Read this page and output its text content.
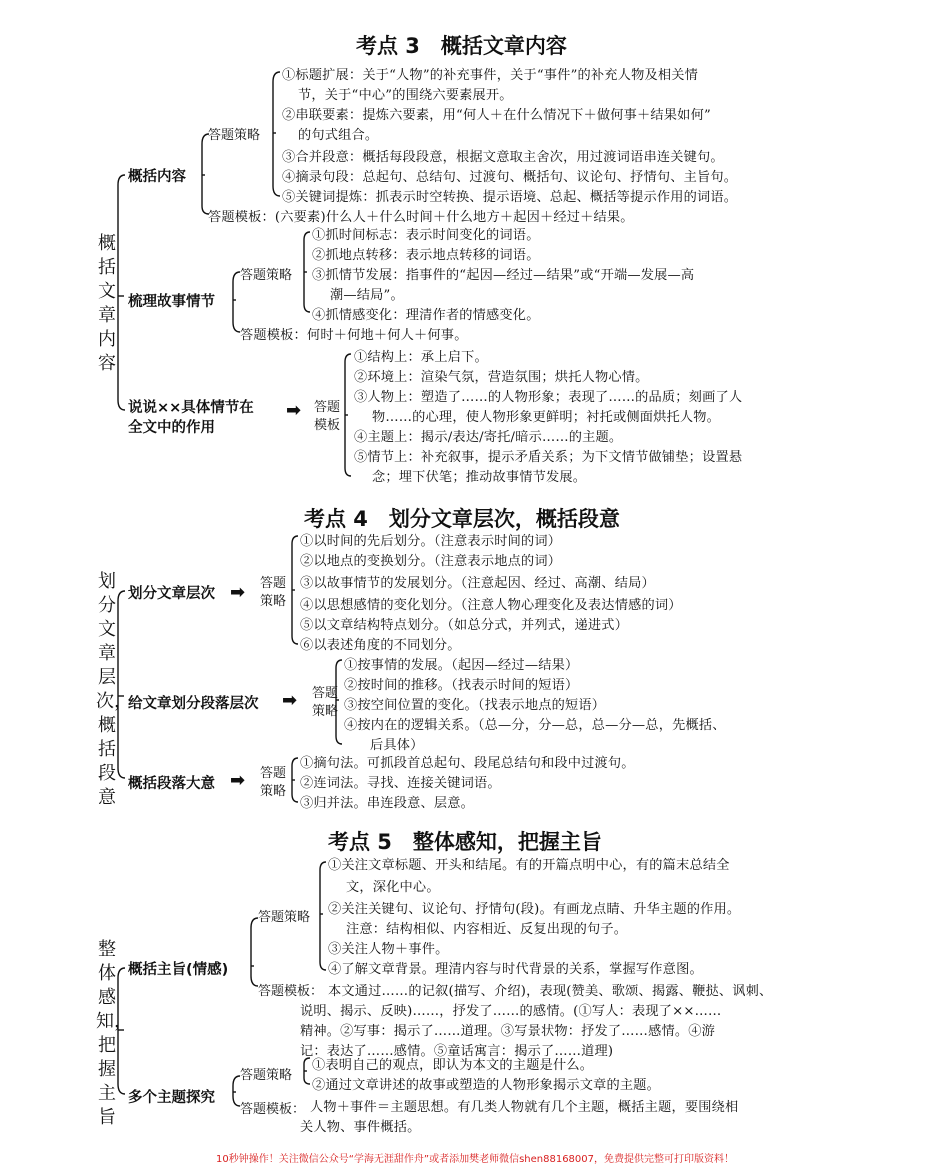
考点 3　概括文章内容
概括文章内容
概括内容
答题策略
①标题扩展：关于“人物”的补充事件，关于“事件”的补充人物及相关情
节，关于“中心”的围绕六要素展开。
②串联要素：提炼六要素，用“何人＋在什么情况下＋做何事＋结果如何”
的句式组合。
③合并段意：概括每段段意，根据文意取主舍次，用过渡词语串连关键句。
④摘录句段：总起句、总结句、过渡句、概括句、议论句、抒情句、主旨句。
⑤关键词提炼：抓表示时空转换、提示语境、总起、概括等提示作用的词语。
答题模板：(六要素)什么人＋什么时间＋什么地方＋起因＋经过＋结果。
梳理故事情节
答题策略
①抓时间标志：表示时间变化的词语。
②抓地点转移：表示地点转移的词语。
③抓情节发展：指事件的“起因—经过—结果”或“开端—发展—高
潮—结局”。
④抓情感变化：理清作者的情感变化。
答题模板：何时＋何地＋何人＋何事。
说说××具体情节在
全文中的作用
➡ 答题
模板
①结构上：承上启下。
②环境上：渲染气氛，营造氛围；烘托人物心情。
③人物上：塑造了……的人物形象；表现了……的品质；刻画了人
物……的心理，使人物形象更鲜明；衬托或侧面烘托人物。
④主题上：揭示/表达/寄托/暗示……的主题。
⑤情节上：补充叙事，提示矛盾关系；为下文情节做铺垫；设置悬
念；埋下伏笔；推动故事情节发展。
考点 4　划分文章层次，概括段意
划分文章层次，概括段意
划分文章层次 ➡ 答题
策略
①以时间的先后划分。（注意表示时间的词）
②以地点的变换划分。（注意表示地点的词）
③以故事情节的发展划分。（注意起因、经过、高潮、结局）
④以思想感情的变化划分。（注意人物心理变化及表达情感的词）
⑤以文章结构特点划分。（如总分式，并列式，递进式）
⑥以表述角度的不同划分。
给文章划分段落层次 ➡ 答题
策略
①按事情的发展。（起因—经过—结果）
②按时间的推移。（找表示时间的短语）
③按空间位置的变化。（找表示地点的短语）
④按内在的逻辑关系。（总—分，分—总，总—分—总，先概括、
后具体）
概括段落大意 ➡ 答题
策略
①摘句法。可抓段首总起句、段尾总结句和段中过渡句。
②连词法。寻找、连接关键词语。
③归并法。串连段意、层意。
考点 5　整体感知，把握主旨
整体感知，把握主旨
概括主旨(情感)
答题策略
①关注文章标题、开头和结尾。有的开篇点明中心，有的篇末总结全
文，深化中心。
②关注关键句、议论句、抒情句(段)。有画龙点睛、升华主题的作用。
注意：结构相似、内容相近、反复出现的句子。
③关注人物＋事件。
④了解文章背景。理清内容与时代背景的关系，掌握写作意图。
答题模板： 本文通过……的记叙(描写、介绍)，表现(赞美、歌颂、揭露、鞭挞、讽刺、
说明、揭示、反映)……，抒发了……的感情。(①写人：表现了××……
精神。②写事：揭示了……道理。③写景状物：抒发了……感情。④游
记：表达了……感情。⑤童话寓言：揭示了……道理)
多个主题探究
答题策略
①表明自己的观点，即认为本文的主题是什么。
②通过文章讲述的故事或塑造的人物形象揭示文章的主题。
答题模板： 人物＋事件＝主题思想。有几类人物就有几个主题，概括主题，要围绕相
关人物、事件概括。
10秒钟操作！关注微信公众号“学海无涯甜作舟”或者添加樊老师微信shen88168007，免费提供完整可打印版资料！
